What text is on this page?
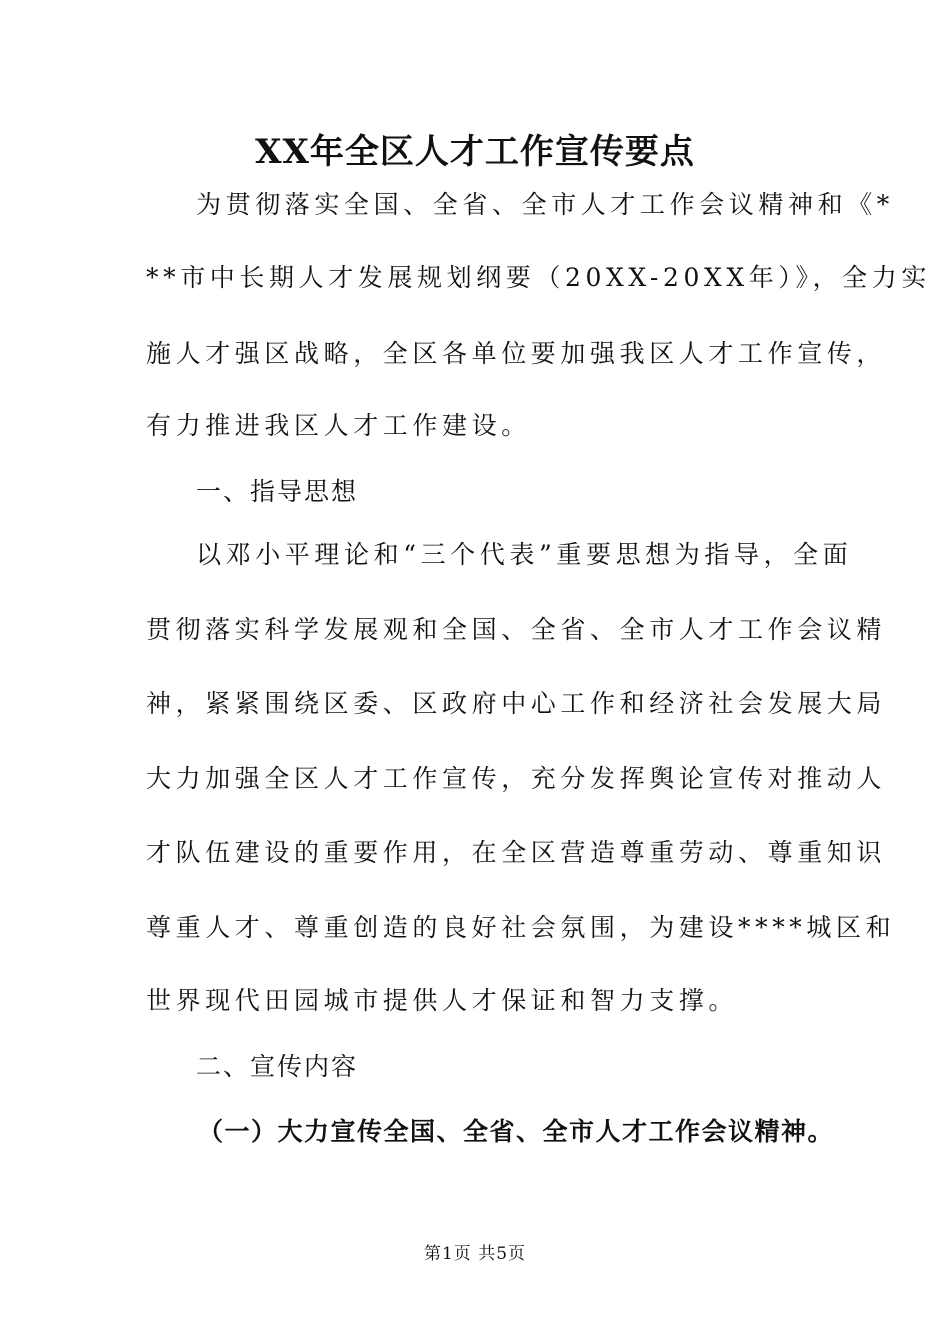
XX年全区人才工作宣传要点
为贯彻落实全国、全省、全市人才工作会议精神和《*
**市中长期人才发展规划纲要（20XX-20XX年）》，全力实
施人才强区战略，全区各单位要加强我区人才工作宣传，
有力推进我区人才工作建设。
一、指导思想
以邓小平理论和“三个代表”重要思想为指导，全面
贯彻落实科学发展观和全国、全省、全市人才工作会议精
神，紧紧围绕区委、区政府中心工作和经济社会发展大局
大力加强全区人才工作宣传，充分发挥舆论宣传对推动人
才队伍建设的重要作用，在全区营造尊重劳动、尊重知识
尊重人才、尊重创造的良好社会氛围，为建设****城区和
世界现代田园城市提供人才保证和智力支撑。
二、宣传内容
（一）大力宣传全国、全省、全市人才工作会议精神。
第1页 共5页
